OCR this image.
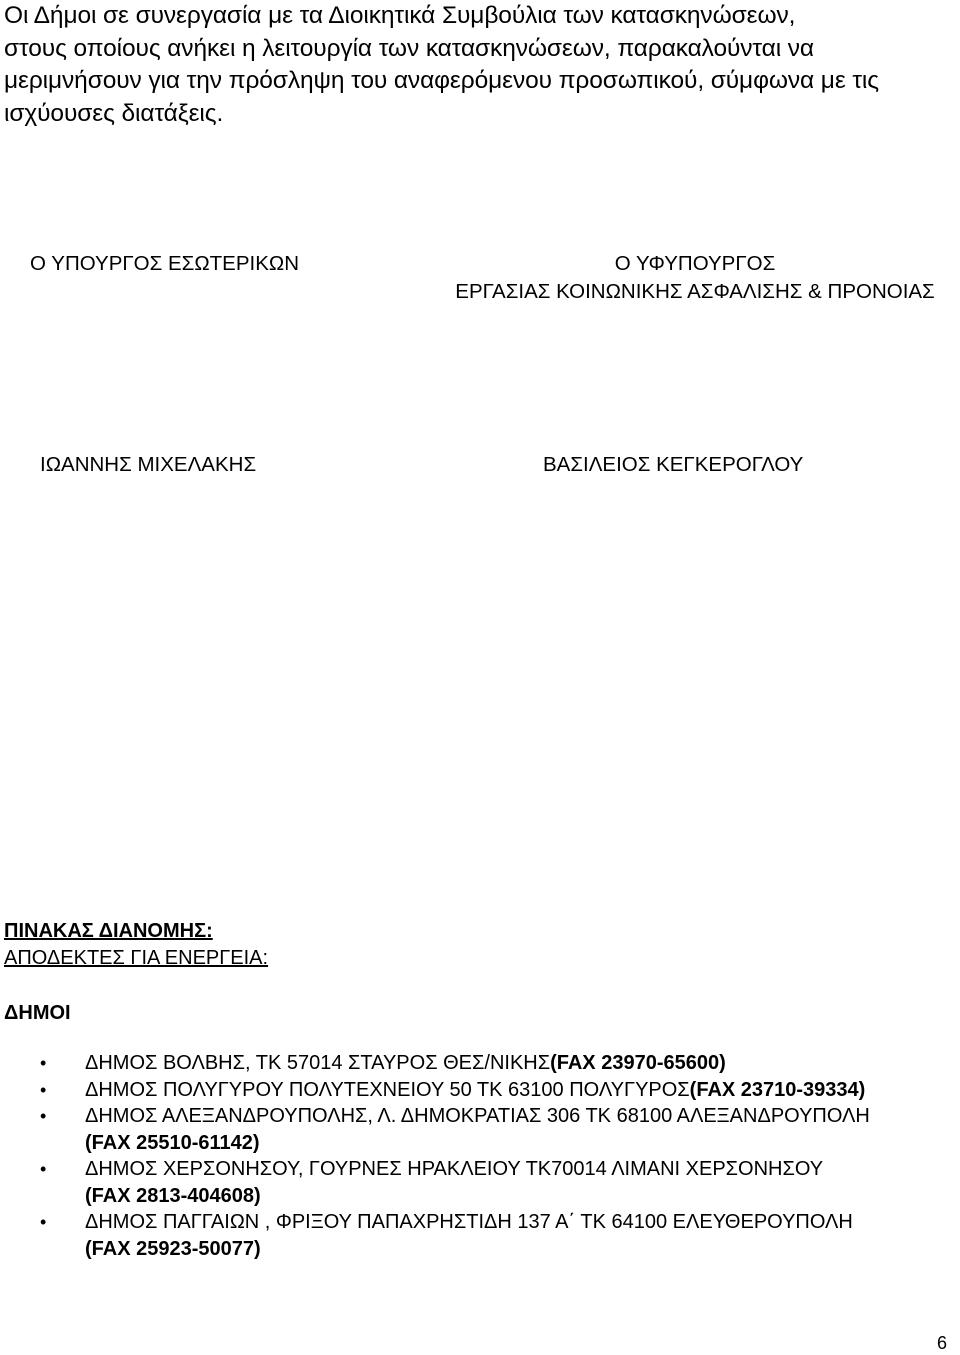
Οι Δήμοι σε συνεργασία με τα Διοικητικά Συμβούλια των κατασκηνώσεων,

στους οποίους ανήκει η λειτουργία των κατασκηνώσεων, παρακαλούνται να

μεριμνήσουν για την πρόσληψη του αναφερόμενου προσωπικού, σύμφωνα με τις

ισχύουσες διατάξεις.

Ο ΥΠΟΥΡΓΟΣ ΕΣΩΤΕΡΙΚΩΝ	Ο ΥΦΥΠΟΥΡΓΟΣ
ΕΡΓΑΣΙΑΣ ΚΟΙΝΩΝΙΚΗΣ ΑΣΦΑΛΙΣΗΣ & ΠΡΟΝΟΙΑΣ
ΙΩΑΝΝΗΣ ΜΙΧΕΛΑΚΗΣ	ΒΑΣΙΛΕΙΟΣ ΚΕΓΚΕΡΟΓΛΟΥ
ΠΙΝΑΚΑΣ ΔΙΑΝΟΜΗΣ:
ΑΠΟΔΕΚΤΕΣ ΓΙΑ ΕΝΕΡΓΕΙΑ:
ΔΗΜΟΙ
• ΔΗΜΟΣ ΒΟΛΒΗΣ, ΤΚ 57014 ΣΤΑΥΡΟΣ ΘΕΣ/ΝΙΚΗΣ(FAX 23970-65600)
• ΔΗΜΟΣ ΠΟΛΥΓΥΡΟΥ ΠΟΛΥΤΕΧΝΕΙΟΥ 50 ΤΚ 63100 ΠΟΛΥΓΥΡΟΣ(FAX 23710-39334)
• ΔΗΜΟΣ ΑΛΕΞΑΝΔΡΟΥΠΟΛΗΣ, Λ. ΔΗΜΟΚΡΑΤΙΑΣ 306 ΤΚ 68100 ΑΛΕΞΑΝΔΡΟΥΠΟΛΗ
(FAX 25510-61142)
• ΔΗΜΟΣ ΧΕΡΣΟΝΗΣΟΥ, ΓΟΥΡΝΕΣ ΗΡΑΚΛΕΙΟΥ ΤΚ70014 ΛΙΜΑΝΙ ΧΕΡΣΟΝΗΣΟΥ
(FAX 2813-404608)
• ΔΗΜΟΣ ΠΑΓΓΑΙΩΝ , ΦΡΙΞΟΥ ΠΑΠΑΧΡΗΣΤΙΔΗ 137 Α΄ ΤΚ 64100 ΕΛΕΥΘΕΡΟΥΠΟΛΗ
(FAX 25923-50077)
6
